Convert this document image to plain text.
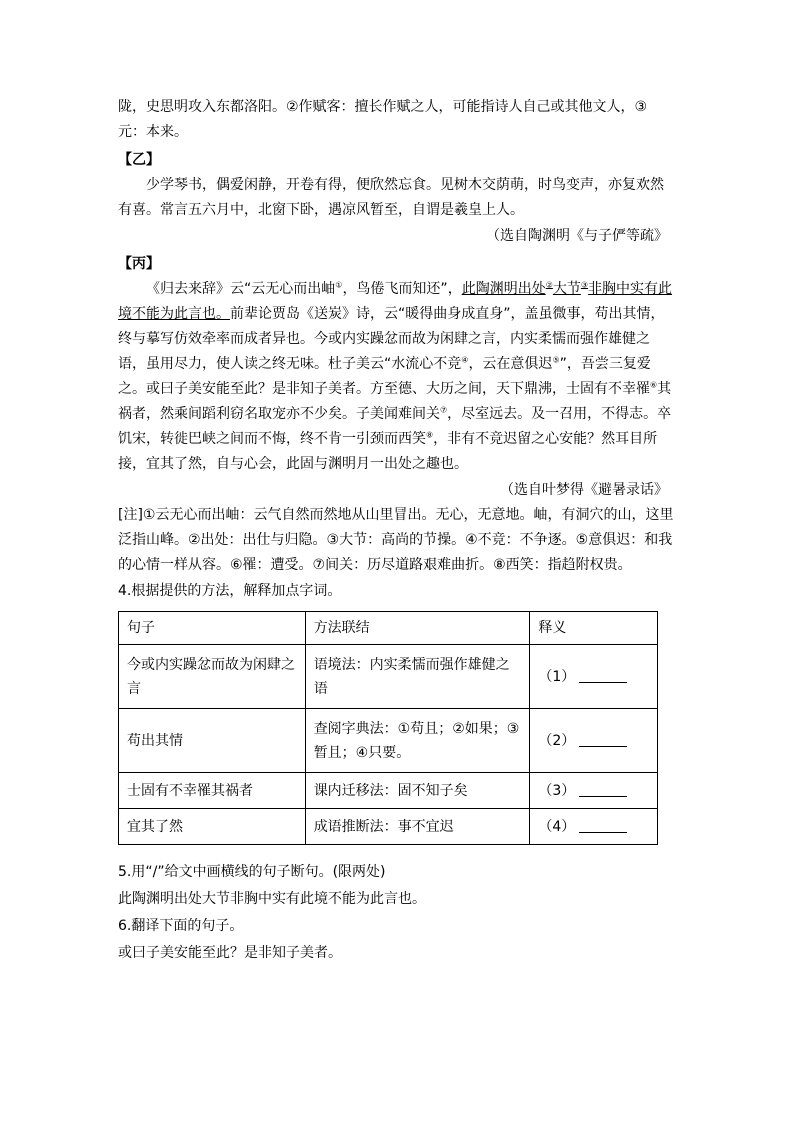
陇，史思明攻入东都洛阳。②作赋客：擅长作赋之人，可能指诗人自己或其他文人，③

元：本来。

【乙】

少学琴书，偶爱闲静，开卷有得，便欣然忘食。见树木交荫萌，时鸟变声，亦复欢然有喜。常言五六月中，北窗下卧，遇凉风暂至，自谓是羲皇上人。

（选自陶渊明《与子俨等疏》

【丙】

《归去来辞》云“云无心而出岫①，鸟倦飞而知还”，此陶渊明出处②大节③非胸中实有此境不能为此言也。前辈论贾岛《送炭》诗，云“暖得曲身成直身”，盖虽微事，苟出其情，终与摹写仿效牵率而成者异也。今或内实躁忿而故为闲肆之言，内实柔懦而强作雄健之语，虽用尽力，使人读之终无味。杜子美云“水流心不竞④，云在意俱迟⑤”，吾尝三复爱之。或曰子美安能至此？是非知子美者。方至德、大历之间，天下鼎沸，士固有不幸罹⑥其祸者，然乘间蹈利窃名取宠亦不少矣。子美闻难间关⑦，尽室远去。及一召用，不得志。卒饥宋，转徙巴峡之间而不悔，终不肯一引颈而西笑⑧，非有不竞迟留之心安能？然耳目所接，宜其了然，自与心会，此固与渊明月一出处之趣也。

（选自叶梦得《避暑录话》

[注]①云无心而出岫：云气自然而然地从山里冒出。无心，无意地。岫，有洞穴的山，这里泛指山峰。②出处：出仕与归隐。③大节：高尚的节操。④不竞：不争逐。⑤意俱迟：和我的心情一样从容。⑥罹：遭受。⑦间关：历尽道路艰难曲折。⑧西笑：指趋附权贵。

4.根据提供的方法，解释加点字词。

句子	方法联结	释义
今或内实躁忿而故为闲肆之言	语境法：内实柔懦而强作雄健之语	（1）
苟出其情	查阅字典法：①苟且；②如果；③暂且；④只要。	（2）
士固有不幸罹其祸者	课内迁移法：固不知子矣	（3）
宜其了然	成语推断法：事不宜迟	（4）

5.用“/”给文中画横线的句子断句。(限两处)

此陶渊明出处大节非胸中实有此境不能为此言也。

6.翻译下面的句子。

或曰子美安能至此？是非知子美者。
